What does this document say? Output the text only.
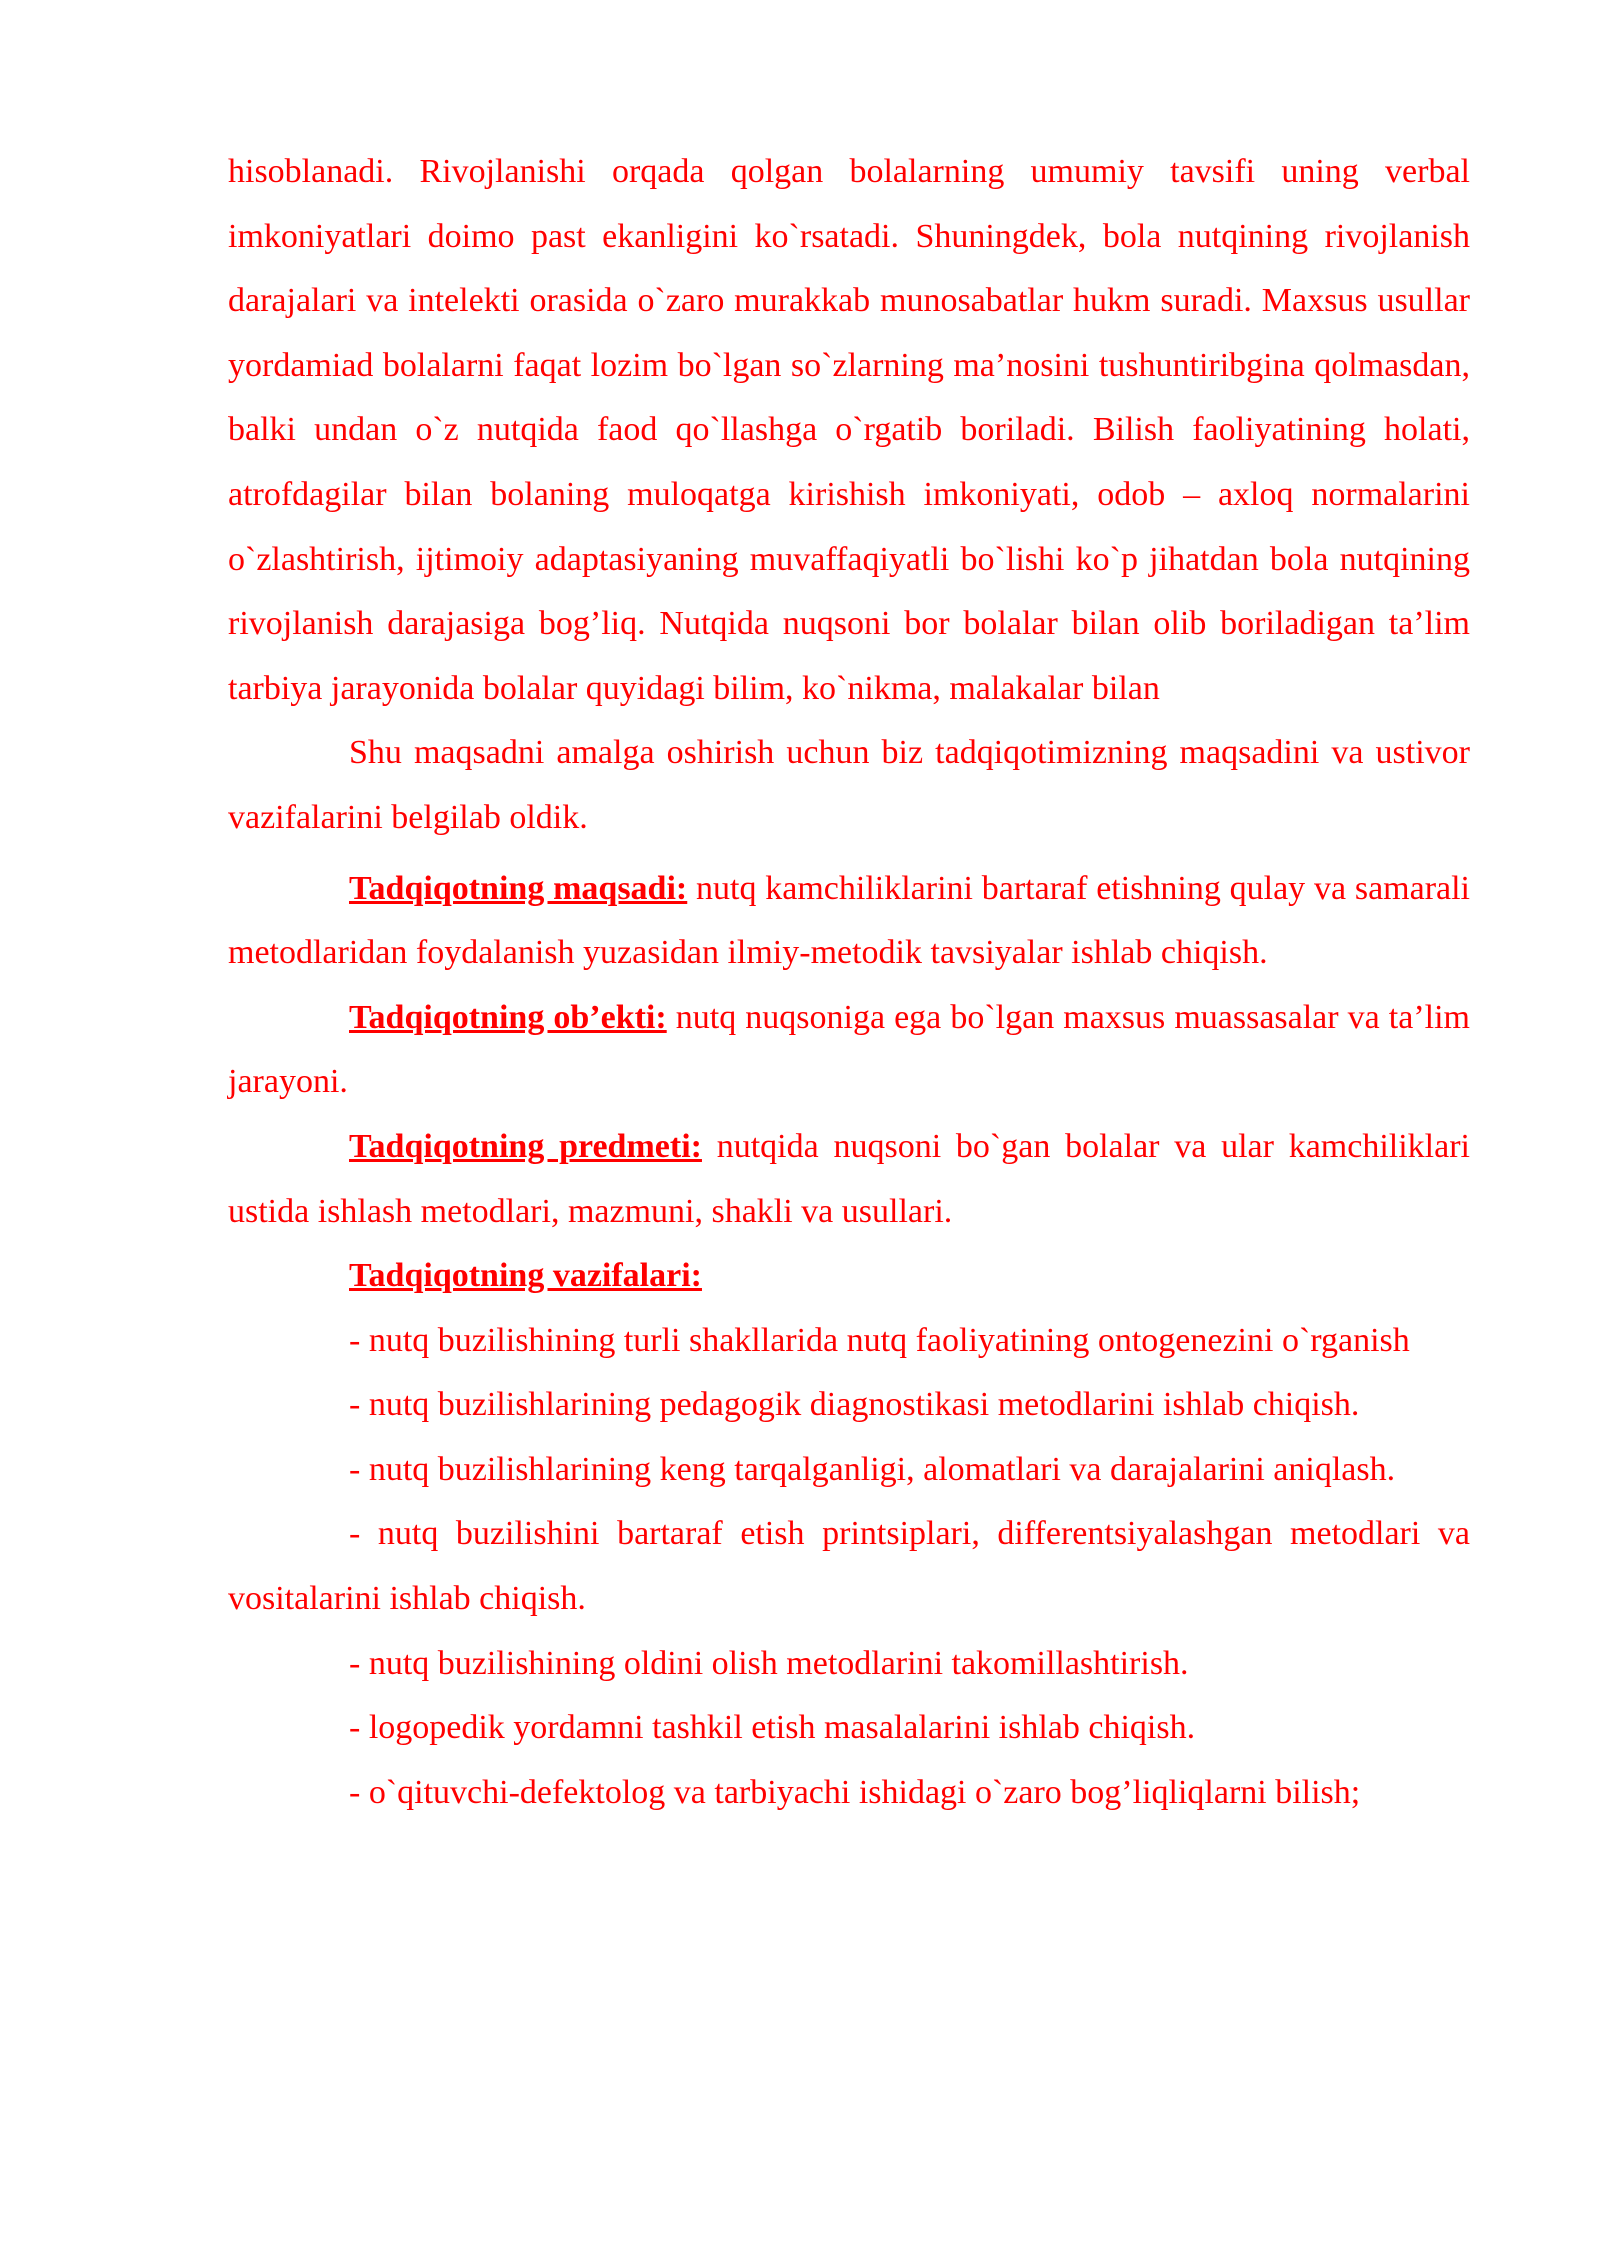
hisoblanadi. Rivojlanishi orqada qolgan bolalarning umumiy tavsifi uning verbal imkoniyatlari doimo past ekanligini ko`rsatadi. Shuningdek, bola nutqining rivojlanish darajalari va intelekti orasida o`zaro murakkab munosabatlar hukm suradi. Maxsus usullar yordamiad bolalarni faqat lozim bo`lgan so`zlarning ma’nosini tushuntiribgina qolmasdan, balki undan o`z nutqida faod qo`llashga o`rgatib boriladi. Bilish faoliyatining holati, atrofdagilar bilan bolaning muloqatga kirishish imkoniyati, odob – axloq normalarini o`zlashtirish, ijtimoiy adaptasiyaning muvaffaqiyatli bo`lishi ko`p jihatdan bola nutqining rivojlanish darajasiga bog’liq. Nutqida nuqsoni bor bolalar bilan olib boriladigan ta’lim tarbiya jarayonida bolalar quyidagi bilim, ko`nikma, malakalar bilan

Shu maqsadni amalga oshirish uchun biz tadqiqotimizning maqsadini va ustivor vazifalarini belgilab oldik.

Tadqiqotning maqsadi: nutq kamchiliklarini bartaraf etishning qulay va samarali metodlaridan foydalanish yuzasidan ilmiy-metodik tavsiyalar ishlab chiqish.

Tadqiqotning ob’ekti: nutq nuqsoniga ega bo`lgan maxsus muassasalar va ta’lim jarayoni.

Tadqiqotning predmeti: nutqida nuqsoni bo`gan bolalar va ular kamchiliklari ustida ishlash metodlari, mazmuni, shakli va usullari.

Tadqiqotning vazifalari:

- nutq buzilishining turli shakllarida nutq faoliyatining ontogenezini o`rganish

- nutq buzilishlarining pedagogik diagnostikasi metodlarini ishlab chiqish.

- nutq buzilishlarining keng tarqalganligi, alomatlari va darajalarini aniqlash.

- nutq buzilishini bartaraf etish printsiplari, differentsiyalashgan metodlari va vositalarini ishlab chiqish.

- nutq buzilishining oldini olish metodlarini takomillashtirish.

- logopedik yordamni tashkil etish masalalarini ishlab chiqish.

- o`qituvchi-defektolog va tarbiyachi ishidagi o`zaro bog’liqliqlarni bilish;
